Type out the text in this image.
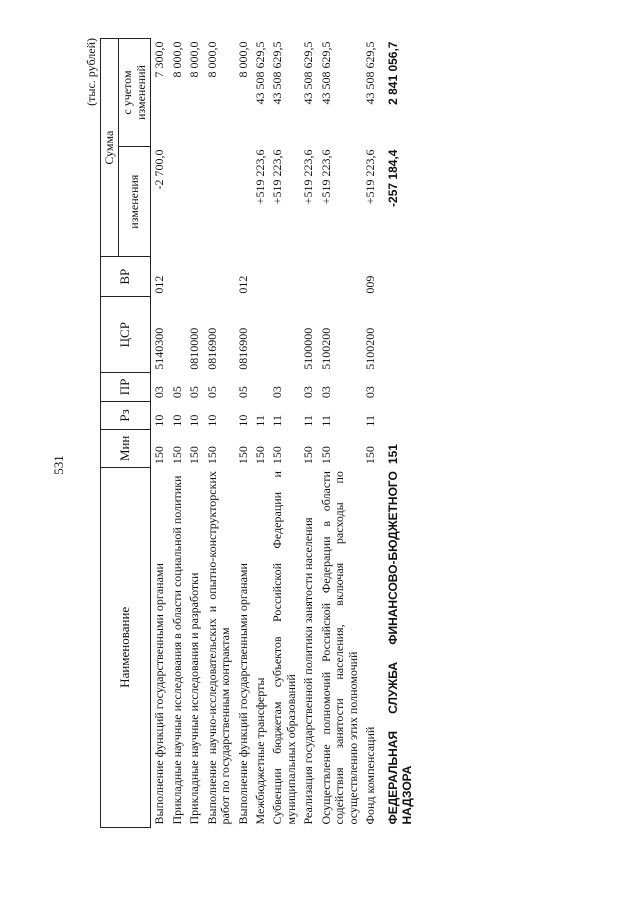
531
(тыс. рублей)
Наименование	Мин	Рз	ПР	ЦСР	ВР	Сумма	
						изменения	с учетом изменений
Выполнение функций государственными органами	150	10	03	5140300	012	-2 700,0	7 300,0
Прикладные научные исследования в области социальной политики	150	10	05				8 000,0
Прикладные научные исследования и разработки	150	10	05	0810000			8 000,0
Выполнение научно-исследовательских и опытно-конструкторских работ по государственным контрактам	150	10	05	0816900			8 000,0
Выполнение функций государственными органами	150	10	05	0816900	012		8 000,0
Межбюджетные трансферты	150	11				+519 223,6	43 508 629,5
Субвенции бюджетам субъектов Российской Федерации и муниципальных образований	150	11	03			+519 223,6	43 508 629,5
Реализация государственной политики занятости населения	150	11	03	5100000		+519 223,6	43 508 629,5
Осуществление полномочий Российской Федерации в области содействия занятости населения, включая расходы по осуществлению этих полномочий	150	11	03	5100200		+519 223,6	43 508 629,5
Фонд компенсаций	150	11	03	5100200	009	+519 223,6	43 508 629,5

ФЕДЕРАЛЬНАЯ СЛУЖБА ФИНАНСОВО-БЮДЖЕТНОГО НАДЗОРА	151					-257 184,4	2 841 056,7
